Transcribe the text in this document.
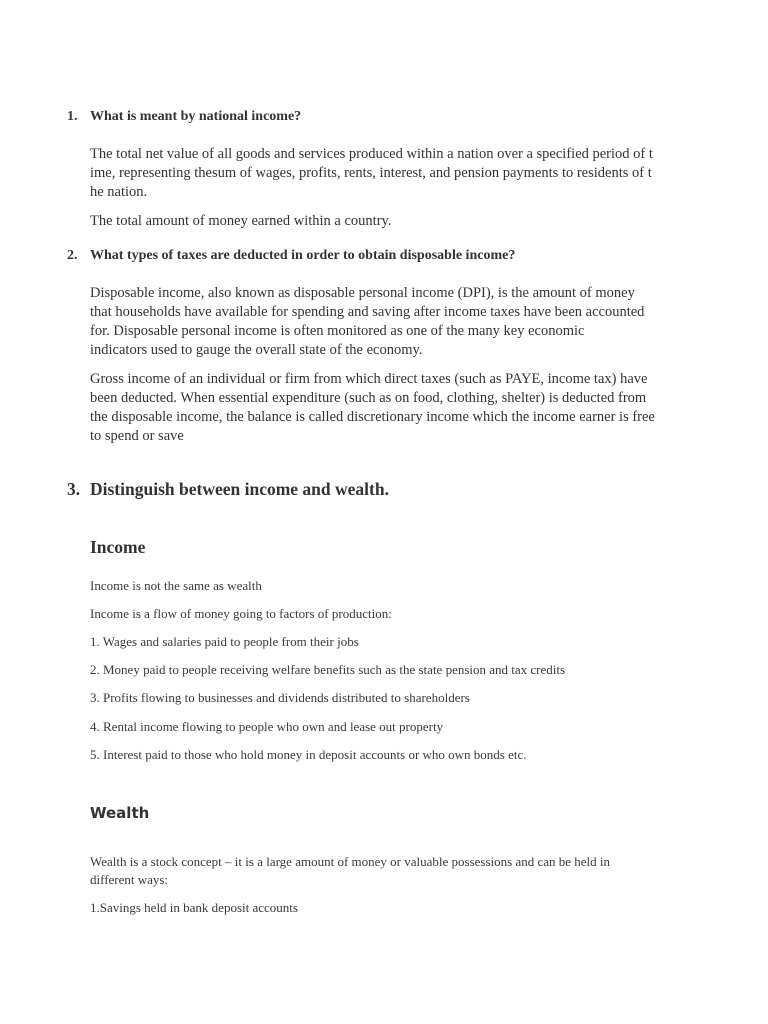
1. What is meant by national income?
The total net value of all goods and services produced within a nation over a specified period of t
ime, representing thesum of wages, profits, rents, interest, and pension payments to residents of t
he nation.
The total amount of money earned within a country.
2. What types of taxes are deducted in order to obtain disposable income?
Disposable income, also known as disposable personal income (DPI), is the amount of money
that households have available for spending and saving after income taxes have been accounted
for. Disposable personal income is often monitored as one of the many key economic
indicators used to gauge the overall state of the economy.
Gross income of an individual or firm from which direct taxes (such as PAYE, income tax) have
been deducted. When essential expenditure (such as on food, clothing, shelter) is deducted from
the disposable income, the balance is called discretionary income which the income earner is free
to spend or save
3. Distinguish between income and wealth.
Income
Income is not the same as wealth
Income is a flow of money going to factors of production:
1. Wages and salaries paid to people from their jobs
2. Money paid to people receiving welfare benefits such as the state pension and tax credits
3. Profits flowing to businesses and dividends distributed to shareholders
4. Rental income flowing to people who own and lease out property
5. Interest paid to those who hold money in deposit accounts or who own bonds etc.
Wealth
Wealth is a stock concept – it is a large amount of money or valuable possessions and can be held in
different ways:
1.Savings held in bank deposit accounts
